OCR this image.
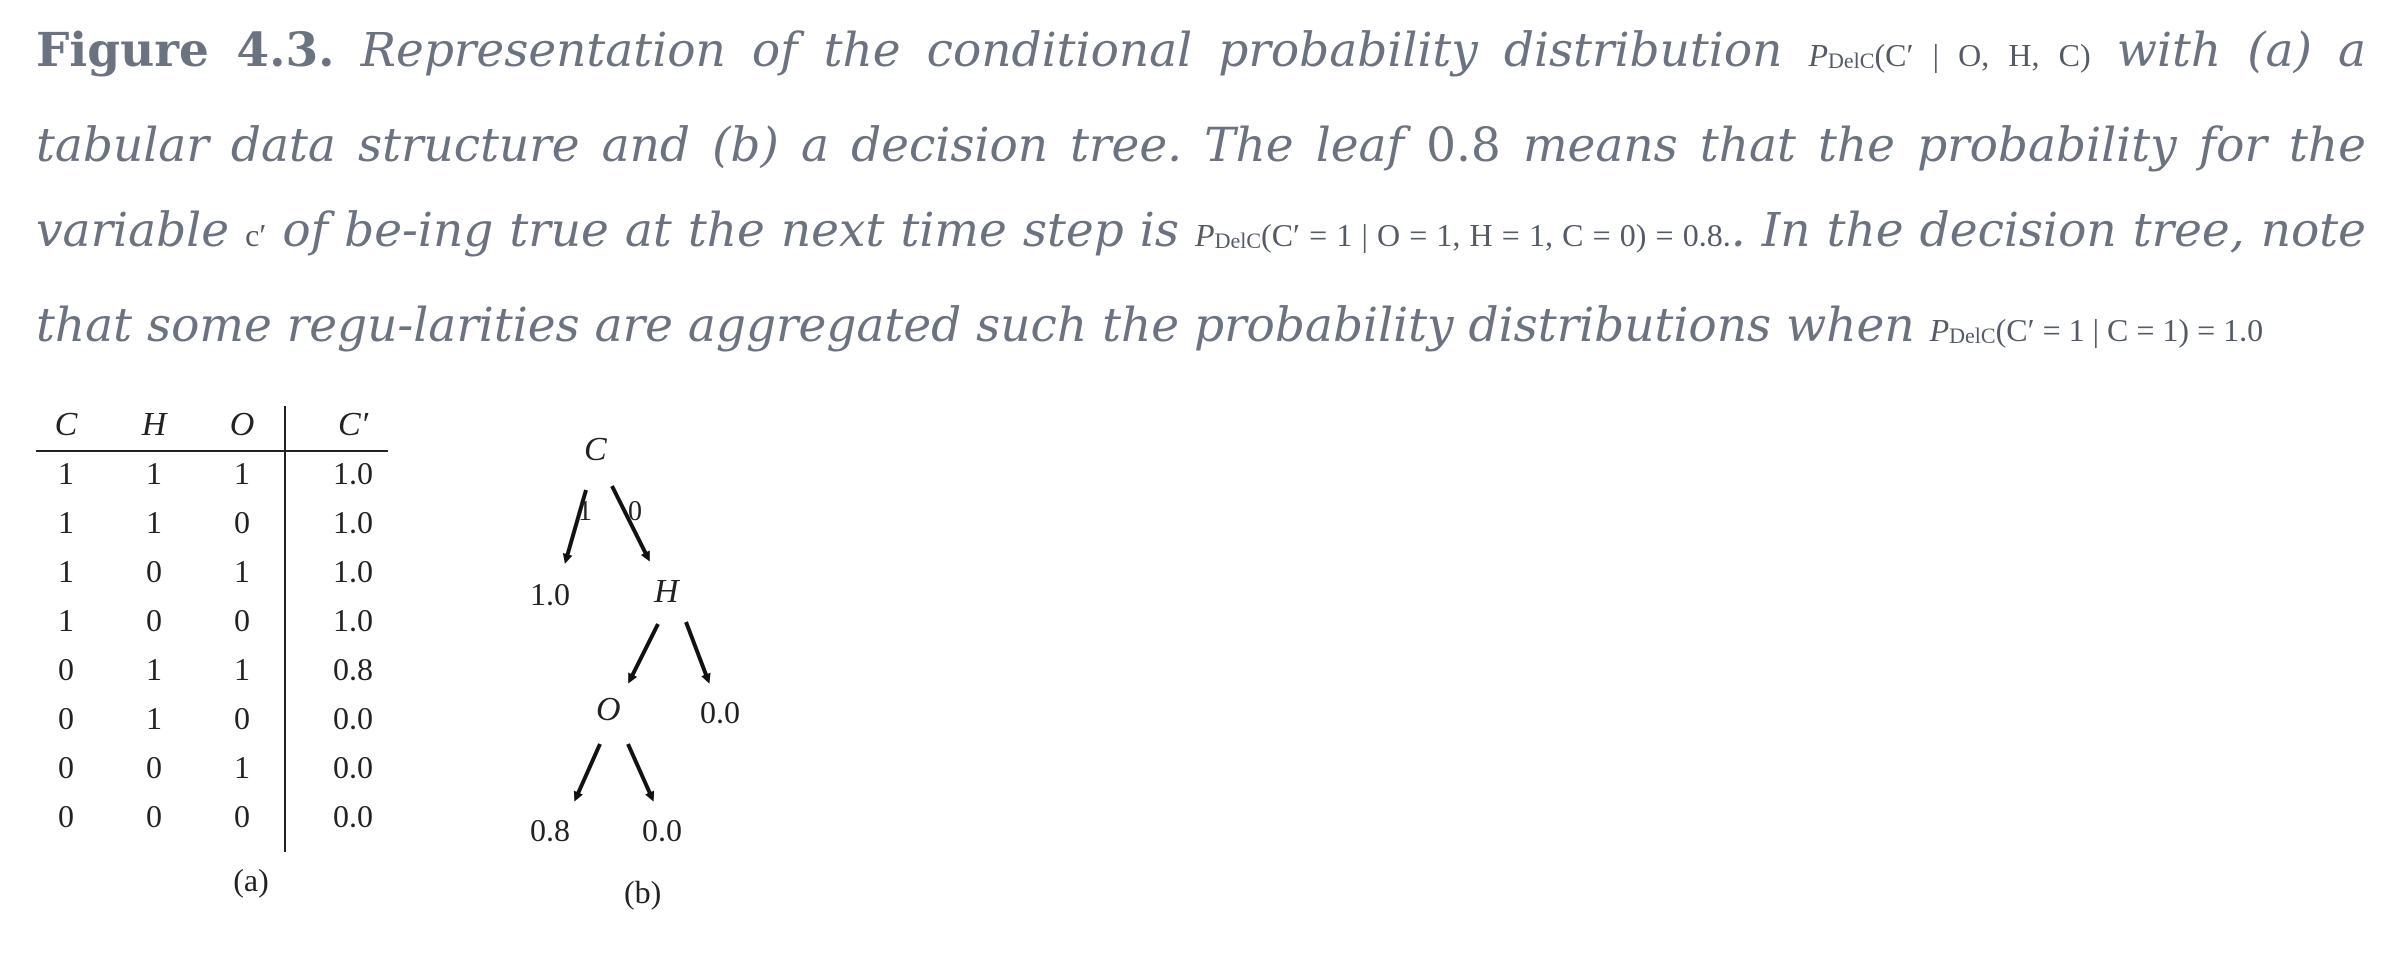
Figure 4.3. Representation of the conditional probability distribution PDelC(C′ | O, H, C) with (a) a tabular data structure and (b) a decision tree. The leaf 0.8 means that the probability for the variable c′ of be-ing true at the next time step is PDelC(C′ = 1 | O = 1, H = 1, C = 0) = 0.8.. In the decision tree, note that some regu-larities are aggregated such the probability distributions when PDelC(C′ = 1 | C = 1) = 1.0
C	H	O	C′
1	1	1	1.0
1	1	0	1.0
1	0	1	1.0
1	0	0	1.0
0	1	1	0.8
0	1	0	0.0
0	0	1	0.0
0	0	0	0.0
(a)
C
1 0
1.0 H
O 0.0
0.8 0.0
(b)
